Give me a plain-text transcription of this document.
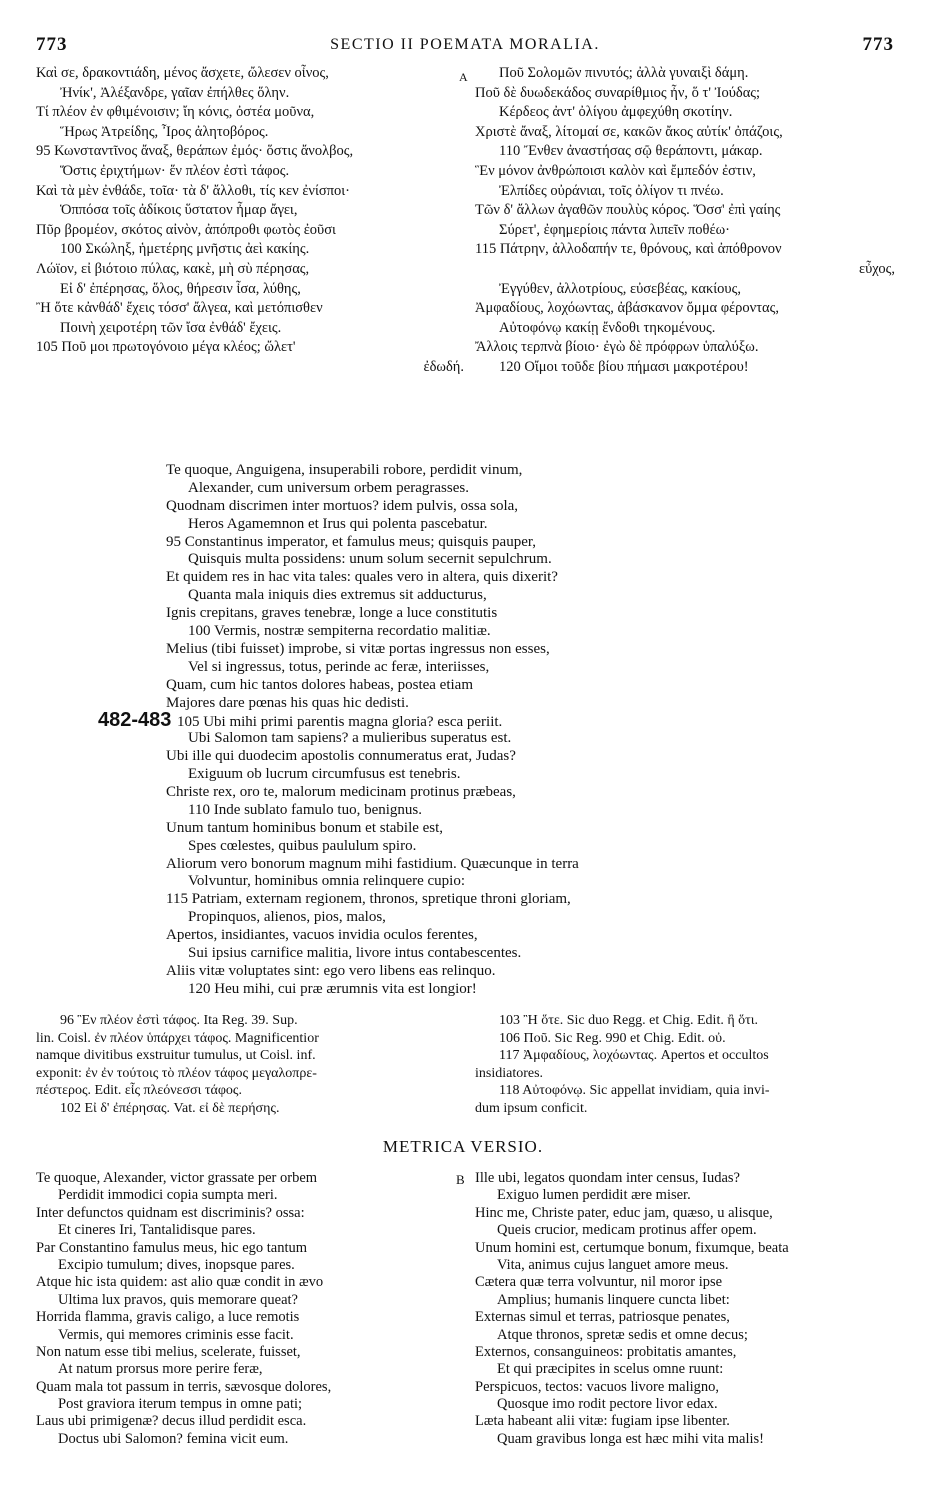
773	SECTIO II POEMATA MORALIA.	773
A
Καὶ σε, δρακοντιάδη, μένος ἄσχετε, ὤλεσεν οἶνος,
Ἠνίκ', Ἀλέξανδρε, γαῖαν ἐπήλθες ὅλην.
Τί πλέον ἐν φθιμένοισιν; ἴη κόνις, ὀστέα μοῦνα,
Ἥρως Ἀτρείδης, Ἶρος ἀλητοβόρος.
95 Κωνσταντῖνος ἄναξ, θεράπων ἐμός· ὅστις ἄνολβος,
Ὅστις ἐριχτήμων· ἕν πλέον ἐστὶ τάφος.
Καὶ τὰ μὲν ἐνθάδε, τοῖα· τὰ δ' ἄλλοθι, τίς κεν ἐνίσποι·
Ὁππόσα τοῖς ἀδίκοις ὕστατον ἦμαρ ἄγει,
Πῦρ βρομέον, σκότος αἰνὸν, ἀπόπροθι φωτὸς ἐοῦσι
100 Σκώληξ, ἡμετέρης μνῆστις ἀεὶ κακίης.
Λώϊον, εἰ βιότοιο πύλας, κακὲ, μὴ σὺ πέρησας,
Εἰ δ' ἐπέρησας, ὅλος, θήρεσιν ἶσα, λύθης,
Ἢ ὅτε κἀνθάδ' ἔχεις τόσσ' ἄλγεα, καὶ μετόπισθεν
Ποινὴ χειροτέρη τῶν ἴσα ἐνθάδ' ἔχεις.
105 Ποῦ μοι πρωτογόνοιο μέγα κλέος; ὤλετ'
ἐδωδή.
Ποῦ Σολομῶν πινυτός; ἀλλὰ γυναιξὶ δάμη.
Ποῦ δὲ δυωδεκάδος συναρίθμιος ἦν, ὅ τ' Ἰούδας;
Κέρδεος ἀντ' ὀλίγου ἀμφεχύθη σκοτίην.
Χριστὲ ἄναξ, λίτομαί σε, κακῶν ἄκος αὐτίκ' ὀπάζοις,
110 Ἔνθεν ἀναστήσας σῷ θεράποντι, μάκαρ.
Ἓν μόνον ἀνθρώποισι καλὸν καὶ ἔμπεδόν ἐστιν,
Ἐλπίδες οὐράνιαι, τοῖς ὀλίγον τι πνέω.
Τῶν δ' ἄλλων ἀγαθῶν πουλὺς κόρος. Ὅσσ' ἐπὶ γαίης
Σύρετ', ἐφημερίοις πάντα λιπεῖν ποθέω·
115 Πάτρην, ἀλλοδαπήν τε, θρόνους, καὶ ἀπόθρονον
εὖχος,
Ἐγγύθεν, ἀλλοτρίους, εὐσεβέας, κακίους,
Ἀμφαδίους, λοχόωντας, ἀβάσκανον ὄμμα φέροντας,
Αὐτοφόνῳ κακίῃ ἔνδοθι τηκομένους.
Ἄλλοις τερπνὰ βίοιο· ἐγὼ δὲ πρόφρων ὑπαλύξω.
120 Οἴμοι τοῦδε βίου πήμασι μακροτέρου!
Te quoque, Anguigena, insuperabili robore, perdidit vinum,
Alexander, cum universum orbem peragrasses.
Quodnam discrimen inter mortuos? idem pulvis, ossa sola,
Heros Agamemnon et Irus qui polenta pascebatur.
95 Constantinus imperator, et famulus meus; quisquis pauper,
Quisquis multa possidens: unum solum secernit sepulchrum.
Et quidem res in hac vita tales: quales vero in altera, quis dixerit?
Quanta mala iniquis dies extremus sit adducturus,
Ignis crepitans, graves tenebræ, longe a luce constitutis
100 Vermis, nostræ sempiterna recordatio malitiæ.
Melius (tibi fuisset) improbe, si vitæ portas ingressus non esses,
Vel si ingressus, totus, perinde ac feræ, interiisses,
Quam, cum hic tantos dolores habeas, postea etiam
Majores dare pœnas his quas hic dedisti.
482-483 105 Ubi mihi primi parentis magna gloria? esca periit.
Ubi Salomon tam sapiens? a mulieribus superatus est.
Ubi ille qui duodecim apostolis connumeratus erat, Judas?
Exiguum ob lucrum circumfusus est tenebris.
Christe rex, oro te, malorum medicinam protinus præbeas,
110 Inde sublato famulo tuo, benignus.
Unum tantum hominibus bonum et stabile est,
Spes cœlestes, quibus paululum spiro.
Aliorum vero bonorum magnum mihi fastidium. Quæcunque in terra
Volvuntur, hominibus omnia relinquere cupio:
115 Patriam, externam regionem, thronos, spretique throni gloriam,
Propinquos, alienos, pios, malos,
Apertos, insidiantes, vacuos invidia oculos ferentes,
Sui ipsius carnifice malitia, livore intus contabescentes.
Aliis vitæ voluptates sint: ego vero libens eas relinquo.
120 Heu mihi, cui præ ærumnis vita est longior!
96 Ἓν πλέον ἐστὶ τάφος. Ita Reg. 39. Sup.
lin. Coisl. ἐν πλέον ὑπάρχει τάφος. Magnificentior
namque divitibus exstruitur tumulus, ut Coisl. inf.
exponit: ἐν ἐν τούτοις τὸ πλέον τάφος μεγαλοπρε-
πέστερος. Edit. εἷς πλεόνεσσι τάφος.
102 Εἰ δ' ἐπέρησας. Vat. εἰ δὲ περήσης.
103 Ἢ ὅτε. Sic duo Regg. et Chig. Edit. ἢ ὅτι.
106 Ποῦ. Sic Reg. 990 et Chig. Edit. οὐ.
117 Ἀμφαδίους, λοχόωντας. Apertos et occultos
insidiatores.
118 Αὐτοφόνῳ. Sic appellat invidiam, quia invi-
dum ipsum conficit.
METRICA VERSIO.
B
Te quoque, Alexander, victor grassate per orbem
Perdidit immodici copia sumpta meri.
Inter defunctos quidnam est discriminis? ossa:
Et cineres Iri, Tantalidisque pares.
Par Constantino famulus meus, hic ego tantum
Excipio tumulum; dives, inopsque pares.
Atque hic ista quidem: ast alio quæ condit in ævo
Ultima lux pravos, quis memorare queat?
Horrida flamma, gravis caligo, a luce remotis
Vermis, qui memores criminis esse facit.
Non natum esse tibi melius, scelerate, fuisset,
At natum prorsus more perire feræ,
Quam mala tot passum in terris, sævosque dolores,
Post graviora iterum tempus in omne pati;
Laus ubi primigenæ? decus illud perdidit esca.
Doctus ubi Salomon? femina vicit eum.
Ille ubi, legatos quondam inter census, Iudas?
Exiguo lumen perdidit ære miser.
Hinc me, Christe pater, educ jam, quæso, u alisque,
Queis crucior, medicam protinus affer opem.
Unum homini est, certumque bonum, fixumque, beata
Vita, animus cujus languet amore meus.
Cætera quæ terra volvuntur, nil moror ipse
Amplius; humanis linquere cuncta libet:
Externas simul et terras, patriosque penates,
Atque thronos, spretæ sedis et omne decus;
Externos, consanguineos: probitatis amantes,
Et qui præcipites in scelus omne ruunt:
Perspicuos, tectos: vacuos livore maligno,
Quosque imo rodit pectore livor edax.
Læta habeant alii vitæ: fugiam ipse libenter.
Quam gravibus longa est hæc mihi vita malis!
